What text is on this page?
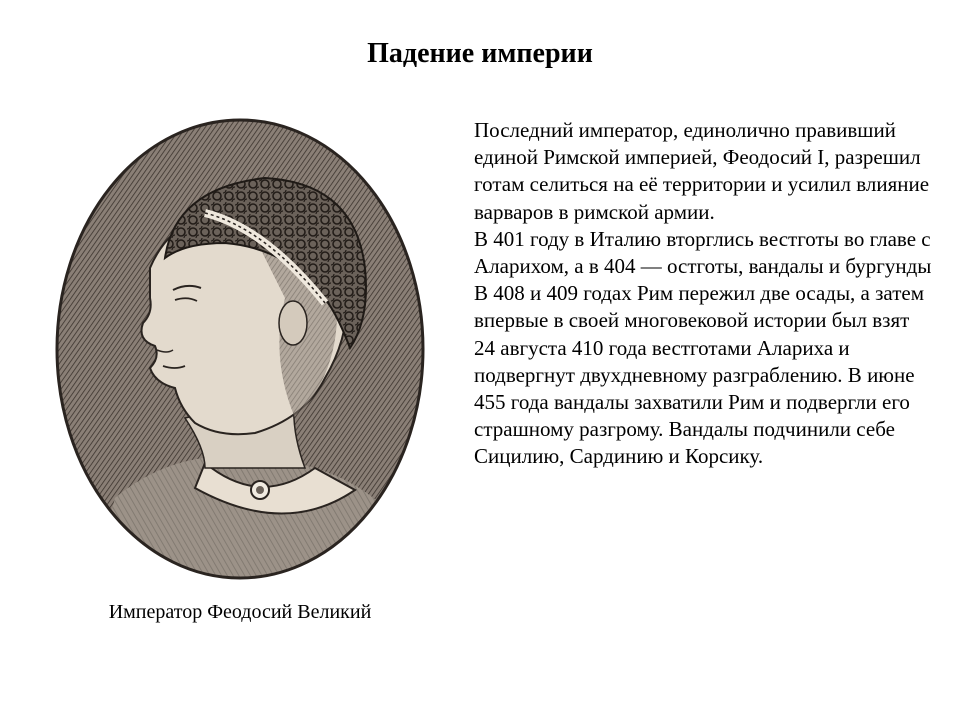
Падение империи
Император Феодосий Великий

Последний император, единолично правивший единой Римской империей, Феодосий I, разрешил готам селиться на её территории и усилил влияние варваров в римской армии.

В 401 году в Италию вторглись вестготы во главе с Аларихом, а в 404 — остготы, вандалы и бургунды

В 408 и 409 годах Рим пережил две осады, а затем впервые в своей многовековой истории был взят 24 августа 410 года вестготами Алариха и подвергнут двухдневному разграблению. В июне 455 года вандалы захватили Рим и подвергли его страшному разгрому. Вандалы подчинили себе Сицилию, Сардинию и Корсику.
